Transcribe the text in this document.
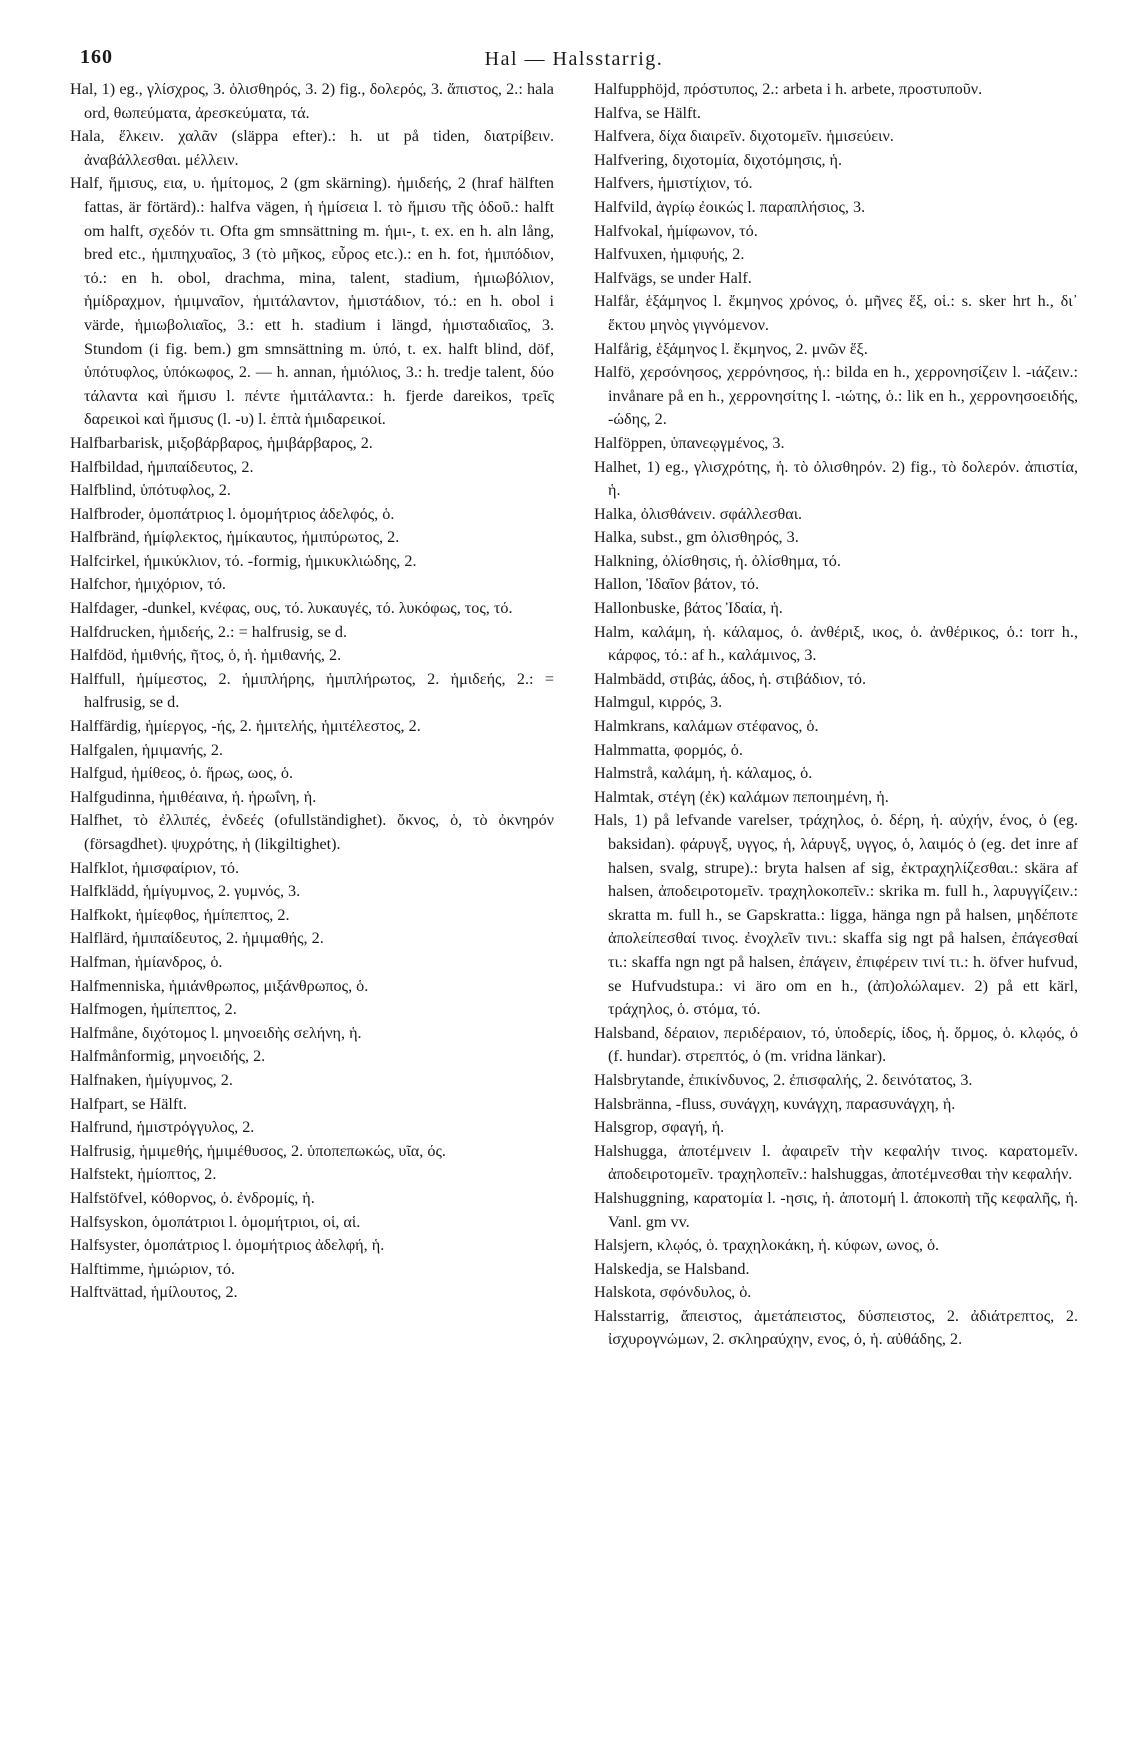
160	Hal — Halsstarrig.

Hal, 1) eg., γλίσχρος, 3. ὀλισθηρός, 3. 2) fig., δολερός, 3. ἄπιστος, 2.: hala ord, θωπεύματα, ἀρεσκεύματα, τά.

Hala, ἕλκειν. χαλᾶν (släppa efter).: h. ut på tiden, διατρίβειν. ἀναβάλλεσθαι. μέλλειν.

Half, ἥμισυς, εια, υ. ἡμίτομος, 2 (gm skärning). ἡμιδεής, 2 (hraf hälften fattas, är förtärd).: halfva vägen, ἡ ἡμίσεια l. τὸ ἥμισυ τῆς ὁδοῦ.: halft om halft, σχεδόν τι. Ofta gm smnsättning m. ἡμι-, t. ex. en h. aln lång, bred etc., ἡμιπηχυαῖος, 3 (τὸ μῆκος, εὖρος etc.).: en h. fot, ἡμιπόδιον, τό.: en h. obol, drachma, mina, talent, stadium, ἡμιωβόλιον, ἡμίδραχμον, ἡμιμναῖον, ἡμιτάλαντον, ἡμιστάδιον, τό.: en h. obol i värde, ἡμιωβολιαῖος, 3.: ett h. stadium i längd, ἡμισταδιαῖος, 3. Stundom (i fig. bem.) gm smnsättning m. ὑπό, t. ex. halft blind, döf, ὑπότυφλος, ὑπόκωφος, 2. — h. annan, ἡμιόλιος, 3.: h. tredje talent, δύο τάλαντα καὶ ἥμισυ l. πέντε ἡμιτάλαντα.: h. fjerde dareikos, τρεῖς δαρεικοὶ καὶ ἥμισυς (l. -υ) l. ἑπτὰ ἡμιδαρεικοί.

Halfbarbarisk, μιξοβάρβαρος, ἡμιβάρβαρος, 2.

Halfbildad, ἡμιπαίδευτος, 2.

Halfblind, ὑπότυφλος, 2.

Halfbroder, ὁμοπάτριος l. ὁμομήτριος ἀδελφός, ὁ.

Halfbränd, ἡμίφλεκτος, ἡμίκαυτος, ἡμιπύρωτος, 2.

Halfcirkel, ἡμικύκλιον, τό. -formig, ἡμικυκλιώδης, 2.

Halfchor, ἡμιχόριον, τό.

Halfdager, -dunkel, κνέφας, ους, τό. λυκαυγές, τό. λυκόφως, τος, τό.

Halfdrucken, ἡμιδεής, 2.: = halfrusig, se d.

Halfdöd, ἡμιθνής, ῆτος, ὁ, ἡ. ἡμιθανής, 2.

Halffull, ἡμίμεστος, 2. ἡμιπλήρης, ἡμιπλήρωτος, 2. ἡμιδεής, 2.: = halfrusig, se d.

Halffärdig, ἡμίεργος, -ής, 2. ἡμιτελής, ἡμιτέλεστος, 2.

Halfgalen, ἡμιμανής, 2.

Halfgud, ἡμίθεος, ὁ. ἥρως, ωος, ὁ.

Halfgudinna, ἡμιθέαινα, ἡ. ἡρωΐνη, ἡ.

Halfhet, τὸ ἐλλιπές, ἐνδεές (ofullständighet). ὄκνος, ὁ, τὸ ὀκνηρόν (försagdhet). ψυχρότης, ἡ (likgiltighet).

Halfklot, ἡμισφαίριον, τό.

Halfklädd, ἡμίγυμνος, 2. γυμνός, 3.

Halfkokt, ἡμίεφθος, ἡμίπεπτος, 2.

Halflärd, ἡμιπαίδευτος, 2. ἡμιμαθής, 2.

Halfman, ἡμίανδρος, ὁ.

Halfmenniska, ἡμιάνθρωπος, μιξάνθρωπος, ὁ.

Halfmogen, ἡμίπεπτος, 2.

Halfmåne, διχότομος l. μηνοειδὴς σελήνη, ἡ.

Halfmånformig, μηνοειδής, 2.

Halfnaken, ἡμίγυμνος, 2.

Halfpart, se Hälft.

Halfrund, ἡμιστρόγγυλος, 2.

Halfrusig, ἡμιμεθής, ἡμιμέθυσος, 2. ὑποπεπωκώς, υῖα, ός.

Halfstekt, ἡμίοπτος, 2.

Halfstöfvel, κόθορνος, ὁ. ἐνδρομίς, ἡ.

Halfsyskon, ὁμοπάτριοι l. ὁμομήτριοι, οἱ, αἱ.

Halfsyster, ὁμοπάτριος l. ὁμομήτριος ἀδελφή, ἡ.

Halftimme, ἡμιώριον, τό.

Halftvättad, ἡμίλουτος, 2.

Halfupphöjd, πρόστυπος, 2.: arbeta i h. arbete, προστυποῦν.

Halfva, se Hälft.

Halfvera, δίχα διαιρεῖν. διχοτομεῖν. ἡμισεύειν.

Halfvering, διχοτομία, διχοτόμησις, ἡ.

Halfvers, ἡμιστίχιον, τό.

Halfvild, ἀγρίῳ ἐοικώς l. παραπλήσιος, 3.

Halfvokal, ἡμίφωνον, τό.

Halfvuxen, ἡμιφυής, 2.

Halfvägs, se under Half.

Halfår, ἑξάμηνος l. ἔκμηνος χρόνος, ὁ. μῆνες ἕξ, οἱ.: s. sker hrt h., δι᾽ ἕκτου μηνὸς γιγνόμενον.

Halfårig, ἑξάμηνος l. ἔκμηνος, 2. μνῶν ἕξ.

Halfö, χερσόνησος, χερρόνησος, ἡ.: bilda en h., χερρονησίζειν l. -ιάζειν.: invånare på en h., χερρονησίτης l. -ιώτης, ὁ.: lik en h., χερρονησοειδής, -ώδης, 2.

Halföppen, ὑπανεῳγμένος, 3.

Halhet, 1) eg., γλισχρότης, ἡ. τὸ ὀλισθηρόν. 2) fig., τὸ δολερόν. ἀπιστία, ἡ.

Halka, ὀλισθάνειν. σφάλλεσθαι.

Halka, subst., gm ὀλισθηρός, 3.

Halkning, ὀλίσθησις, ἡ. ὀλίσθημα, τό.

Hallon, Ἰδαῖον βάτον, τό.

Hallonbuske, βάτος Ἰδαία, ἡ.

Halm, καλάμη, ἡ. κάλαμος, ὁ. ἀνθέριξ, ικος, ὁ. ἀνθέρικος, ὁ.: torr h., κάρφος, τό.: af h., καλάμινος, 3.

Halmbädd, στιβάς, άδος, ἡ. στιβάδιον, τό.

Halmgul, κιρρός, 3.

Halmkrans, καλάμων στέφανος, ὁ.

Halmmatta, φορμός, ὁ.

Halmstrå, καλάμη, ἡ. κάλαμος, ὁ.

Halmtak, στέγη (ἐκ) καλάμων πεποιημένη, ἡ.

Hals, 1) på lefvande varelser, τράχηλος, ὁ. δέρη, ἡ. αὐχήν, ένος, ὁ (eg. baksidan). φάρυγξ, υγγος, ἡ, λάρυγξ, υγγος, ὁ, λαιμός ὁ (eg. det inre af halsen, svalg, strupe).: bryta halsen af sig, ἐκτραχηλίζεσθαι.: skära af halsen, ἀποδειροτομεῖν. τραχηλοκοπεῖν.: skrika m. full h., λαρυγγίζειν.: skratta m. full h., se Gapskratta.: ligga, hänga ngn på halsen, μηδέποτε ἀπολείπεσθαί τινος. ἐνοχλεῖν τινι.: skaffa sig ngt på halsen, ἐπάγεσθαί τι.: skaffa ngn ngt på halsen, ἐπάγειν, ἐπιφέρειν τινί τι.: h. öfver hufvud, se Hufvudstupa.: vi äro om en h., (ἀπ)ολώλαμεν. 2) på ett kärl, τράχηλος, ὁ. στόμα, τό.

Halsband, δέραιον, περιδέραιον, τό, ὑποδερίς, ίδος, ἡ. ὅρμος, ὁ. κλῳός, ὁ (f. hundar). στρεπτός, ὁ (m. vridna länkar).

Halsbrytande, ἐπικίνδυνος, 2. ἐπισφαλής, 2. δεινότατος, 3.

Halsbränna, -fluss, συνάγχη, κυνάγχη, παρασυνάγχη, ἡ.

Halsgrop, σφαγή, ἡ.

Halshugga, ἀποτέμνειν l. ἀφαιρεῖν τὴν κεφαλήν τινος. καρατομεῖν. ἀποδειροτομεῖν. τραχηλοπεῖν.: halshuggas, ἀποτέμνεσθαι τὴν κεφαλήν.

Halshuggning, καρατομία l. -ησις, ἡ. ἀποτομή l. ἀποκοπὴ τῆς κεφαλῆς, ἡ. Vanl. gm vv.

Halsjern, κλῳός, ὁ. τραχηλοκάκη, ἡ. κύφων, ωνος, ὁ.

Halskedja, se Halsband.

Halskota, σφόνδυλος, ὁ.

Halsstarrig, ἄπειστος, ἀμετάπειστος, δύσπειστος, 2. ἀδιάτρεπτος, 2. ἰσχυρογνώμων, 2. σκληραύχην, ενος, ὁ, ἡ. αὐθάδης, 2.
